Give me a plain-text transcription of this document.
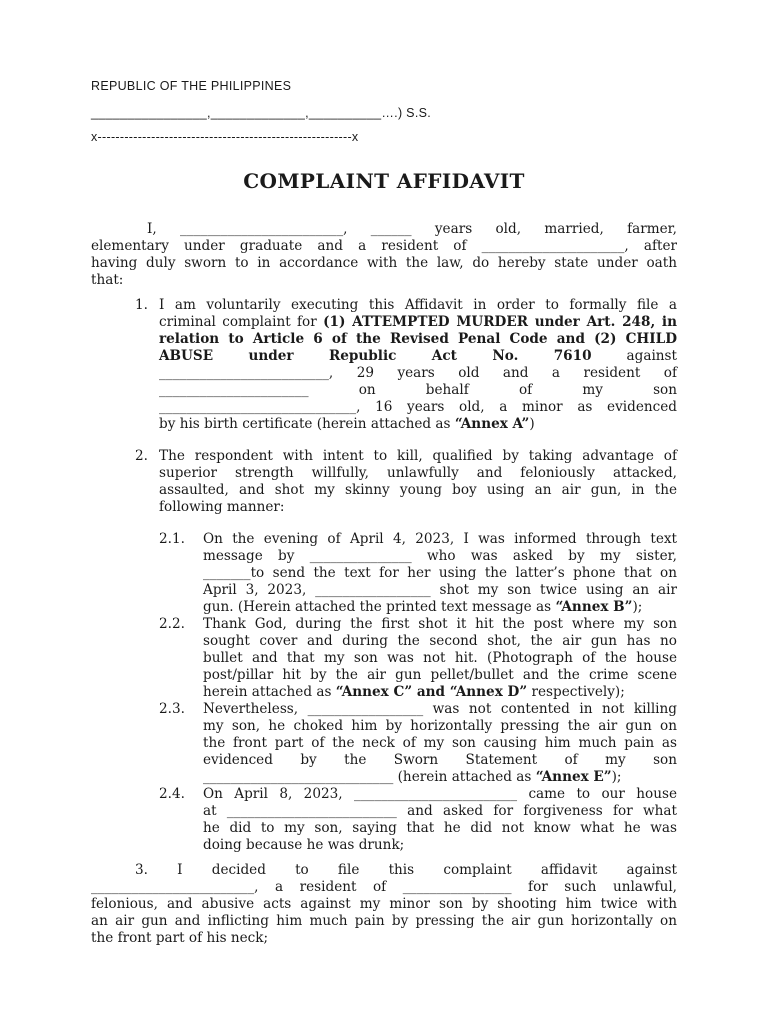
REPUBLIC OF THE PHILIPPINES
________________,_____________,__________….) S.S.
x---------------------------------------------------------x
COMPLAINT AFFIDAVIT
I, ________________________, ______ years old, married, farmer,
elementary under graduate and a resident of _____________________, after
having duly sworn to in accordance with the law, do hereby state under oath
that:
1. I am voluntarily executing this Affidavit in order to formally file a
criminal complaint for (1) ATTEMPTED MURDER under Art. 248, in
relation to Article 6 of the Revised Penal Code and (2) CHILD
ABUSE under Republic Act No. 7610 against
_________________________, 29 years old and a resident of
______________________ on behalf of my son
_____________________________, 16 years old, a minor as evidenced
by his birth certificate (herein attached as “Annex A”)
2. The respondent with intent to kill, qualified by taking advantage of
superior strength willfully, unlawfully and feloniously attacked,
assaulted, and shot my skinny young boy using an air gun, in the
following manner:
2.1. On the evening of April 4, 2023, I was informed through text
message by _______________ who was asked by my sister,
_______to send the text for her using the latter’s phone that on
April 3, 2023, _________________ shot my son twice using an air
gun. (Herein attached the printed text message as “Annex B”);
2.2. Thank God, during the first shot it hit the post where my son
sought cover and during the second shot, the air gun has no
bullet and that my son was not hit. (Photograph of the house
post/pillar hit by the air gun pellet/bullet and the crime scene
herein attached as “Annex C” and “Annex D” respectively);
2.3. Nevertheless, _________________ was not contented in not killing
my son, he choked him by horizontally pressing the air gun on
the front part of the neck of my son causing him much pain as
evidenced by the Sworn Statement of my son
____________________________ (herein attached as “Annex E”);
2.4. On April 8, 2023, ________________________ came to our house
at _________________________ and asked for forgiveness for what
he did to my son, saying that he did not know what he was
doing because he was drunk;
3. I decided to file this complaint affidavit against
________________________, a resident of ________________ for such unlawful,
felonious, and abusive acts against my minor son by shooting him twice with
an air gun and inflicting him much pain by pressing the air gun horizontally on
the front part of his neck;
